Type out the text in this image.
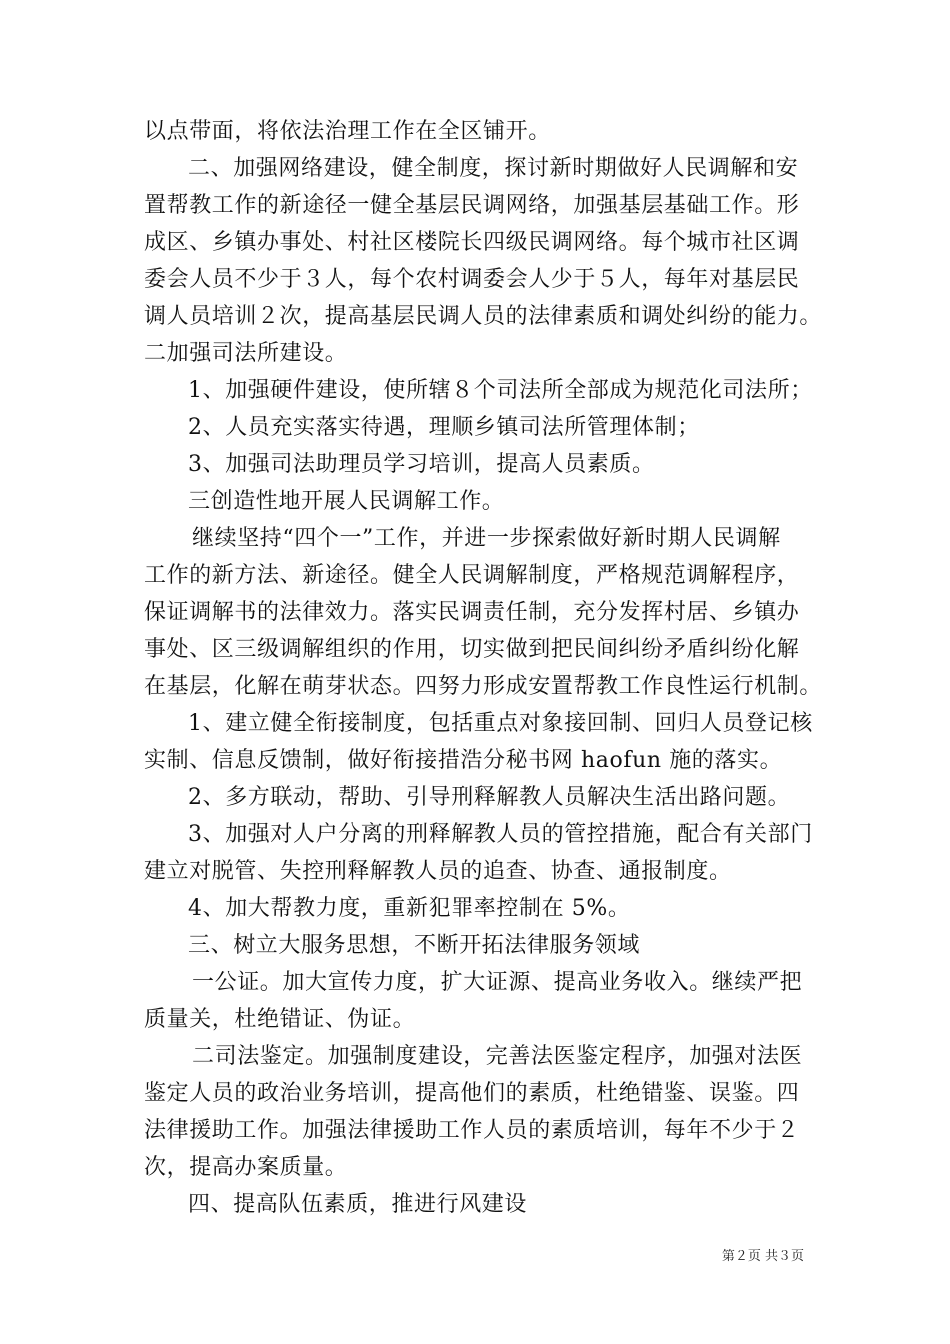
以点带面，将依法治理工作在全区铺开。
二、加强网络建设，健全制度，探讨新时期做好人民调解和安
置帮教工作的新途径一健全基层民调网络，加强基层基础工作。形
成区、乡镇办事处、村社区楼院长四级民调网络。每个城市社区调
委会人员不少于３人，每个农村调委会人少于５人，每年对基层民
调人员培训２次，提高基层民调人员的法律素质和调处纠纷的能力。
二加强司法所建设。
1、加强硬件建设，使所辖８个司法所全部成为规范化司法所；
2、人员充实落实待遇，理顺乡镇司法所管理体制；
3、加强司法助理员学习培训，提高人员素质。
三创造性地开展人民调解工作。
继续坚持“四个一”工作，并进一步探索做好新时期人民调解
工作的新方法、新途径。健全人民调解制度，严格规范调解程序，
保证调解书的法律效力。落实民调责任制，充分发挥村居、乡镇办
事处、区三级调解组织的作用，切实做到把民间纠纷矛盾纠纷化解
在基层，化解在萌芽状态。四努力形成安置帮教工作良性运行机制。
1、建立健全衔接制度，包括重点对象接回制、回归人员登记核
实制、信息反馈制，做好衔接措浩分秘书网 haofun 施的落实。
2、多方联动，帮助、引导刑释解教人员解决生活出路问题。
3、加强对人户分离的刑释解教人员的管控措施，配合有关部门
建立对脱管、失控刑释解教人员的追查、协查、通报制度。
4、加大帮教力度，重新犯罪率控制在 5%。
三、树立大服务思想，不断开拓法律服务领域
一公证。加大宣传力度，扩大证源、提高业务收入。继续严把
质量关，杜绝错证、伪证。
二司法鉴定。加强制度建设，完善法医鉴定程序，加强对法医
鉴定人员的政治业务培训，提高他们的素质，杜绝错鉴、误鉴。四
法律援助工作。加强法律援助工作人员的素质培训，每年不少于２
次，提高办案质量。
四、提高队伍素质，推进行风建设
第２页 共３页
